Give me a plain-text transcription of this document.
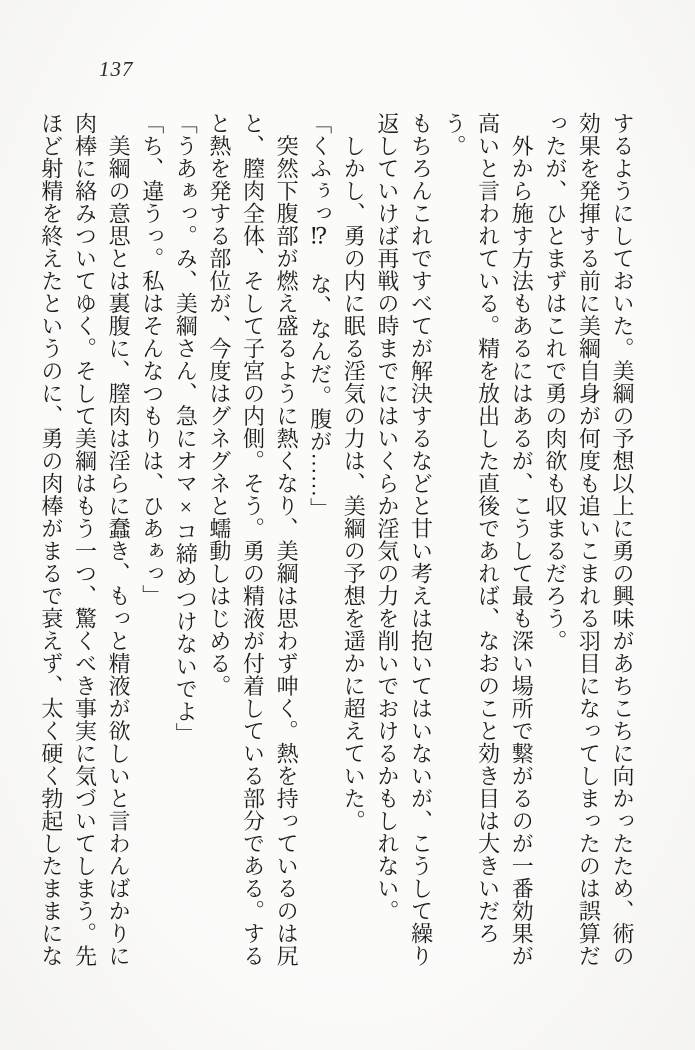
137
するようにしておいた。美綱の予想以上に勇の興味があちこちに向かったため、術の
効果を発揮する前に美綱自身が何度も追いこまれる羽目になってしまったのは誤算だ
ったが、ひとまずはこれで勇の肉欲も収まるだろう。
　外から施す方法もあるにはあるが、こうして最も深い場所で繋がるのが一番効果が
高いと言われている。精を放出した直後であれば、なおのこと効き目は大きいだろう。
もちろんこれですべてが解決するなどと甘い考えは抱いてはいないが、こうして繰り
返していけば再戦の時までにはいくらか淫気の力を削いでおけるかもしれない。
　しかし、勇の内に眠る淫気の力は、美綱の予想を遥かに超えていた。
「くふぅっ⁉　な、なんだ。腹が……」
　突然下腹部が燃え盛るように熱くなり、美綱は思わず呻く。熱を持っているのは尻
と、膣肉全体、そして子宮の内側。そう。勇の精液が付着している部分である。する
と熱を発する部位が、今度はグネグネと蠕動しはじめる。
「うあぁっ。み、美綱さん、急にオマ×コ締めつけないでよ」
「ち、違うっ。私はそんなつもりは、ひあぁっ」
　美綱の意思とは裏腹に、膣肉は淫らに蠢き、もっと精液が欲しいと言わんばかりに
肉棒に絡みついてゆく。そして美綱はもう一つ、驚くべき事実に気づいてしまう。先
ほど射精を終えたというのに、勇の肉棒がまるで衰えず、太く硬く勃起したままにな
